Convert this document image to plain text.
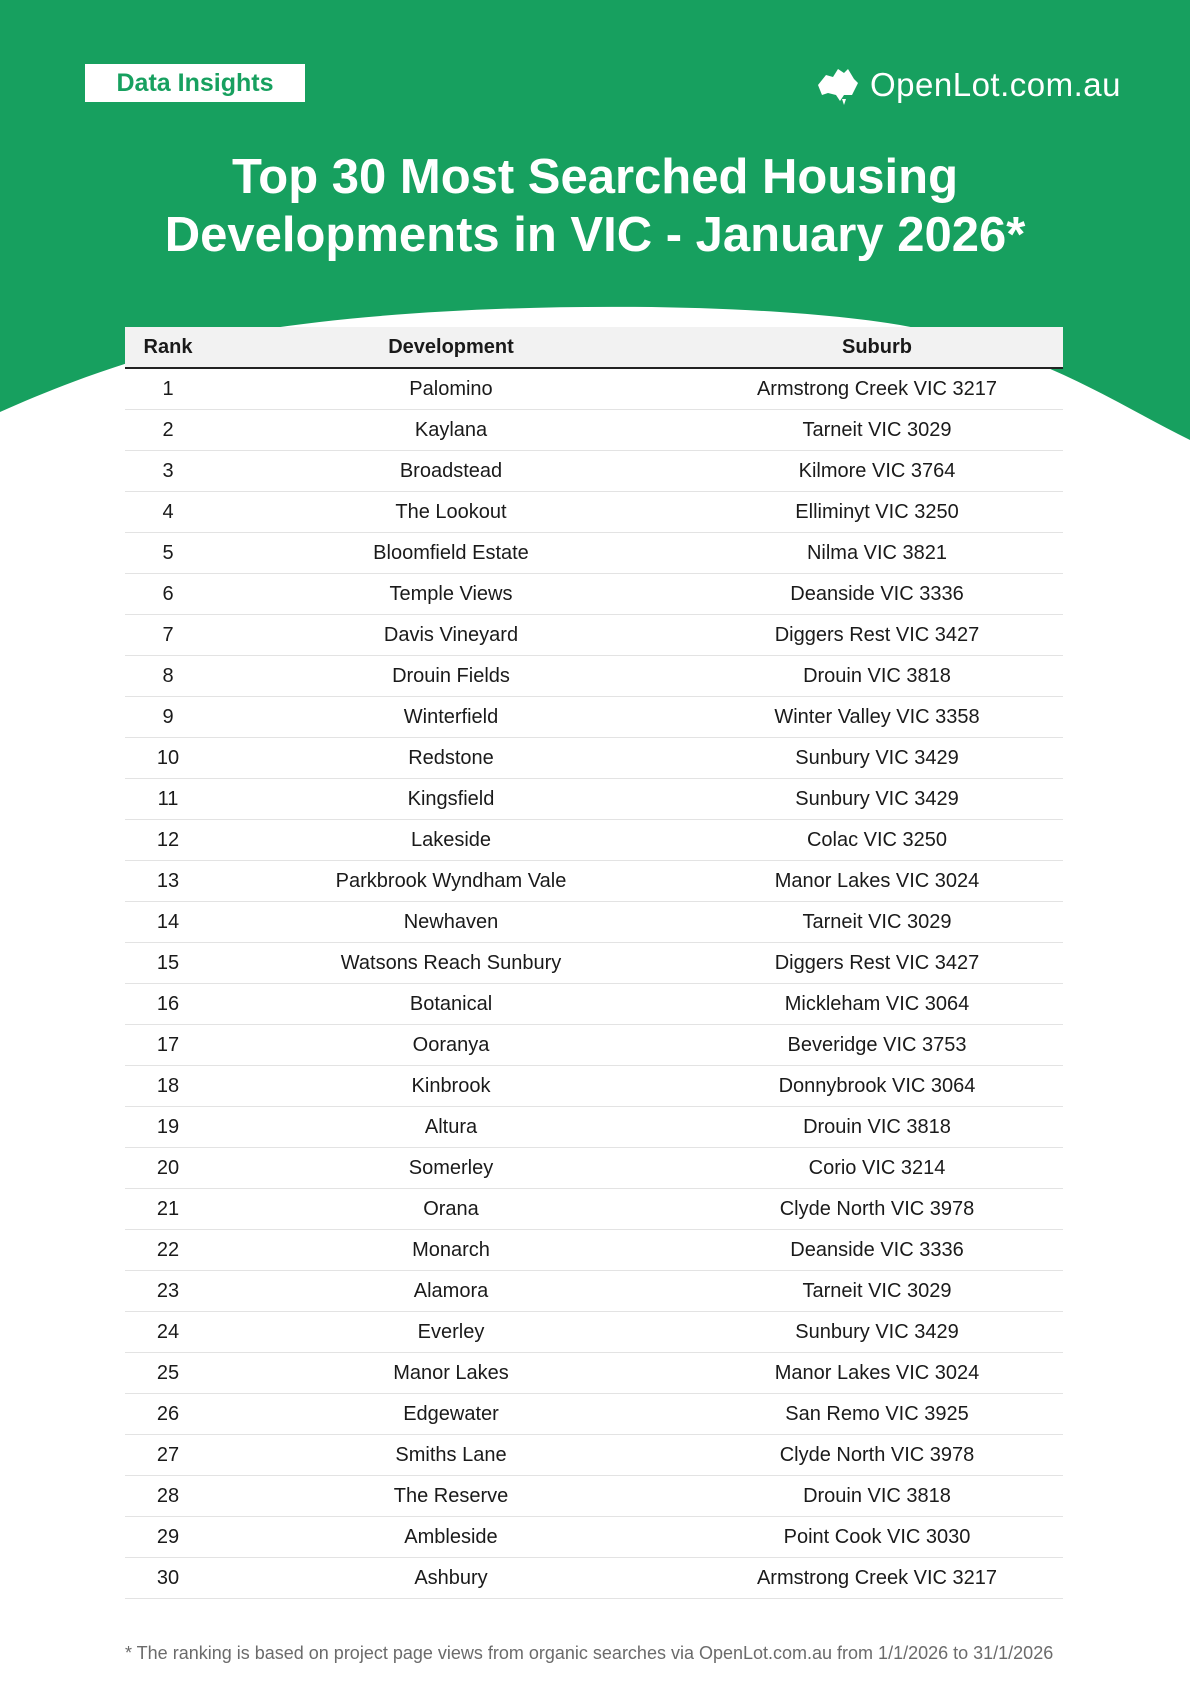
Data Insights	OpenLot.com.au
Top 30 Most Searched Housing
Developments in VIC - January 2026*
Rank	Development	Suburb
1	Palomino	Armstrong Creek VIC 3217
2	Kaylana	Tarneit VIC 3029
3	Broadstead	Kilmore VIC 3764
4	The Lookout	Elliminyt VIC 3250
5	Bloomfield Estate	Nilma VIC 3821
6	Temple Views	Deanside VIC 3336
7	Davis Vineyard	Diggers Rest VIC 3427
8	Drouin Fields	Drouin VIC 3818
9	Winterfield	Winter Valley VIC 3358
10	Redstone	Sunbury VIC 3429
11	Kingsfield	Sunbury VIC 3429
12	Lakeside	Colac VIC 3250
13	Parkbrook Wyndham Vale	Manor Lakes VIC 3024
14	Newhaven	Tarneit VIC 3029
15	Watsons Reach Sunbury	Diggers Rest VIC 3427
16	Botanical	Mickleham VIC 3064
17	Ooranya	Beveridge VIC 3753
18	Kinbrook	Donnybrook VIC 3064
19	Altura	Drouin VIC 3818
20	Somerley	Corio VIC 3214
21	Orana	Clyde North VIC 3978
22	Monarch	Deanside VIC 3336
23	Alamora	Tarneit VIC 3029
24	Everley	Sunbury VIC 3429
25	Manor Lakes	Manor Lakes VIC 3024
26	Edgewater	San Remo VIC 3925
27	Smiths Lane	Clyde North VIC 3978
28	The Reserve	Drouin VIC 3818
29	Ambleside	Point Cook VIC 3030
30	Ashbury	Armstrong Creek VIC 3217
* The ranking is based on project page views from organic searches via OpenLot.com.au from 1/1/2026 to 31/1/2026
